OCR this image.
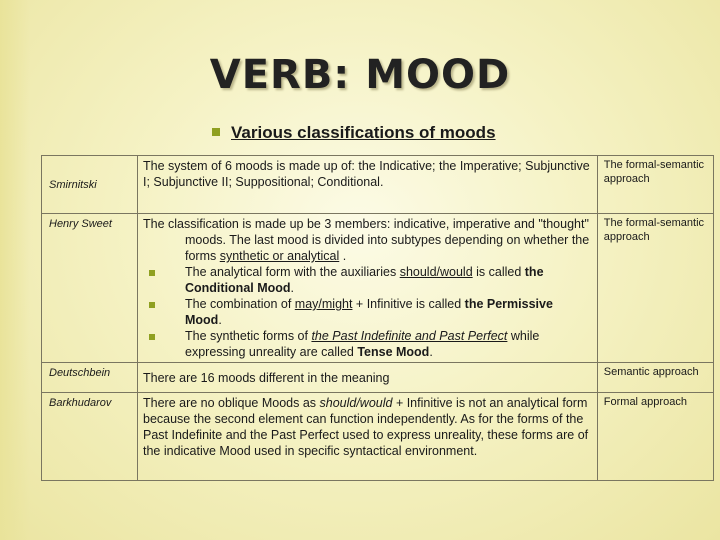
VERB: MOOD
Various classifications of moods
Smirnitski	The system of 6 moods is made up of: the Indicative; the Imperative; Subjunctive I; Subjunctive II; Suppositional; Conditional.	The formal-semantic approach
Henry Sweet	The classification is made up be 3 members: indicative, imperative and "thought" moods. The last mood is divided into subtypes depending on whether the forms synthetic or analytical .
The analytical form with the auxiliaries should/would is called the Conditional Mood.
The combination of may/might + Infinitive is called the Permissive Mood.
The synthetic forms of the Past Indefinite and Past Perfect while expressing unreality are called Tense Mood.	The formal-semantic approach
Deutschbein	There are 16 moods different in the meaning	Semantic approach
Barkhudarov	There are no oblique Moods as should/would + Infinitive is not an analytical form because the second element can function independently. As for the forms of the Past Indefinite and the Past Perfect used to express unreality, these forms are of the indicative Mood used in specific syntactical environment.	Formal approach
